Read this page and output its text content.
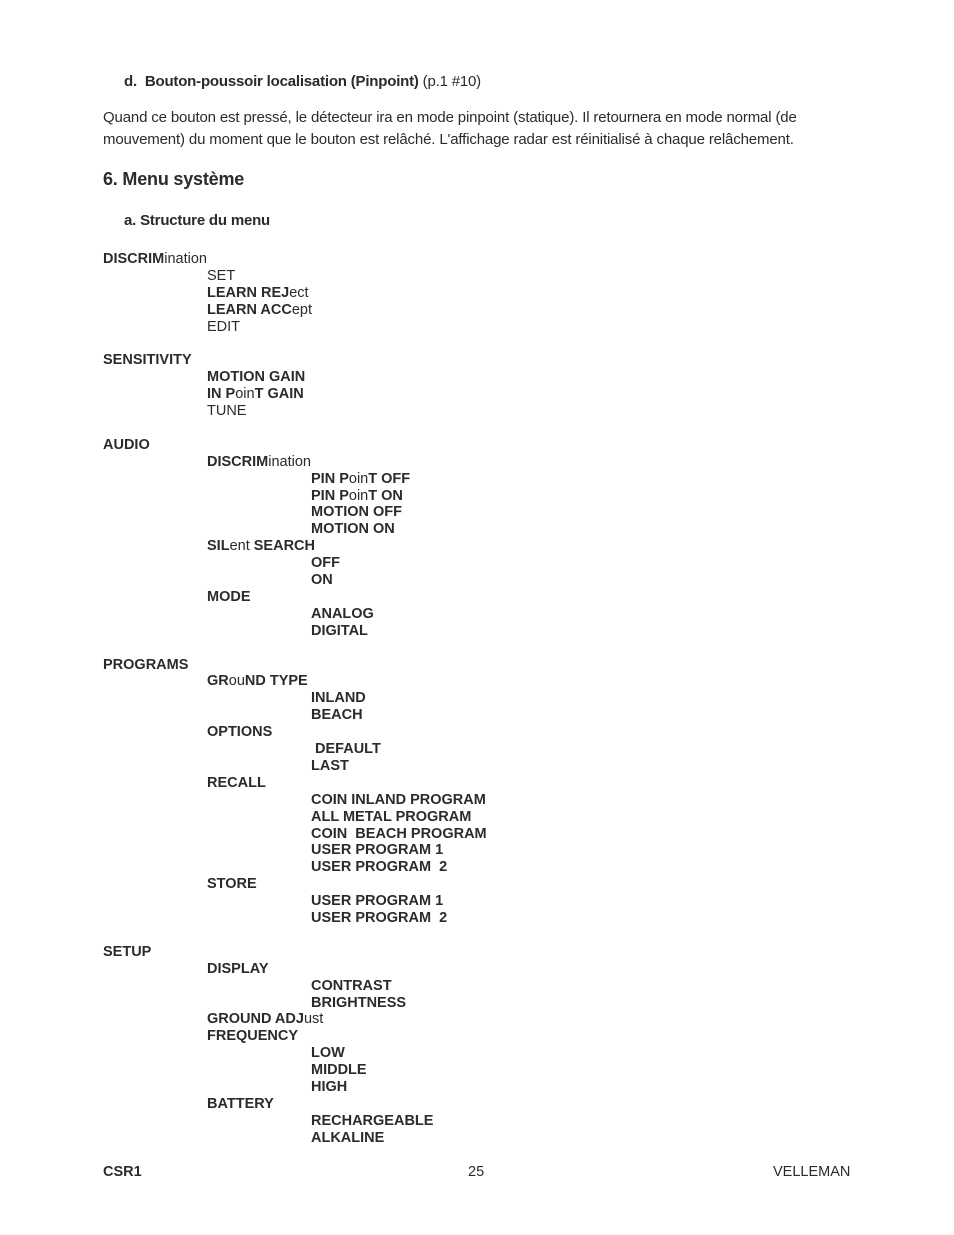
d.  Bouton-poussoir localisation (Pinpoint) (p.1 #10)
Quand ce bouton est pressé, le détecteur ira en mode pinpoint (statique). Il retournera en mode normal (de mouvement) du moment que le bouton est relâché. L'affichage radar est réinitialisé à chaque relâchement.
6. Menu système
a. Structure du menu
DISCRIMination
SET
LEARN REJect
LEARN ACCept
EDIT
SENSITIVITY
MOTION GAIN
IN PoinT GAIN
TUNE
AUDIO
DISCRIMination
PIN PoinT OFF
PIN PoinT ON
MOTION OFF
MOTION ON
SILent SEARCH
OFF
ON
MODE
ANALOG
DIGITAL
PROGRAMS
GRouND TYPE
INLAND
BEACH
OPTIONS
DEFAULT
LAST
RECALL
COIN INLAND PROGRAM
ALL METAL PROGRAM
COIN  BEACH PROGRAM
USER PROGRAM 1
USER PROGRAM  2
STORE
USER PROGRAM 1
USER PROGRAM  2
SETUP
DISPLAY
CONTRAST
BRIGHTNESS
GROUND ADJust
FREQUENCY
LOW
MIDDLE
HIGH
BATTERY
RECHARGEABLE
ALKALINE
CSR1	25	VELLEMAN
